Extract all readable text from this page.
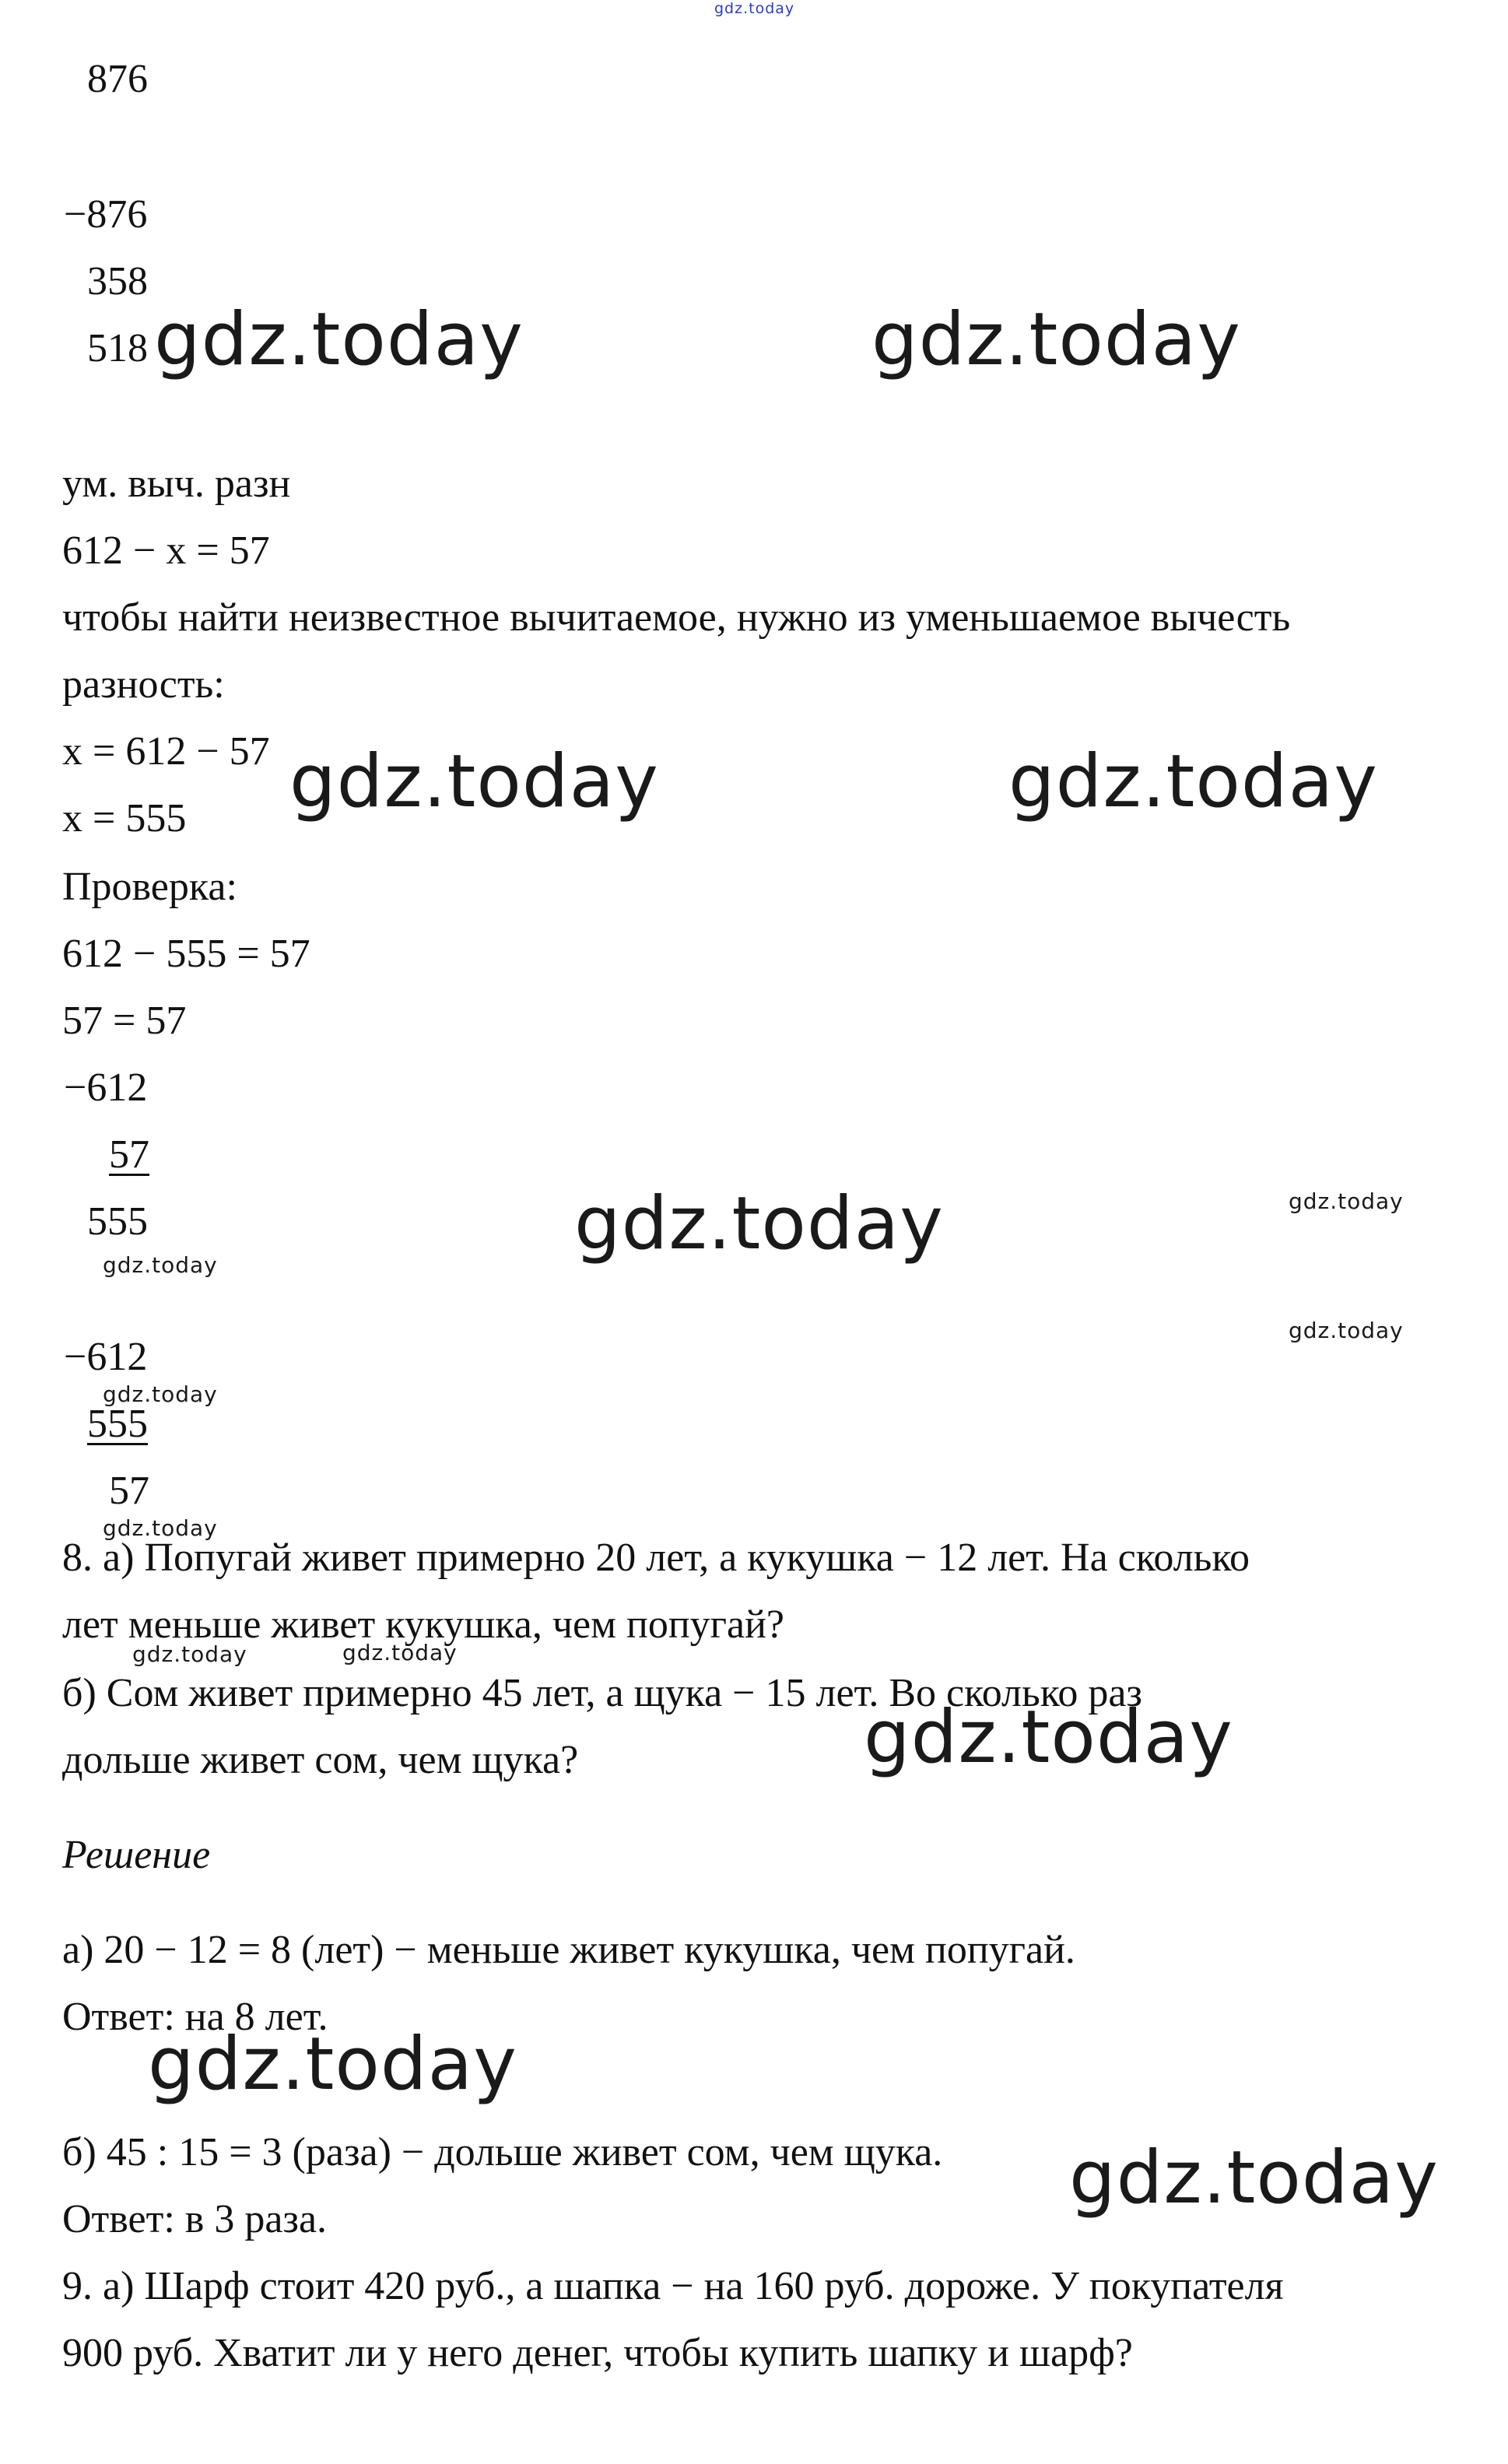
gdz.today
876
−876
358
518 gdz.today	gdz.today
ум. выч. разн
612 − x = 57
чтобы найти неизвестное вычитаемое, нужно из уменьшаемое вычесть
разность:
x = 612 − 57
x = 555
Проверка:
612 − 555 = 57
57 = 57
gdz.today	gdz.today
−612
57
555	gdz.today	gdz.today
gdz.today
gdz.today
−612
gdz.today
555
57
gdz.today
8. а) Попугай живет примерно 20 лет, а кукушка − 12 лет. На сколько
лет меньше живет кукушка, чем попугай?
gdz.today	gdz.today
б) Сом живет примерно 45 лет, а щука − 15 лет. Во сколько раз
дольше живет сом, чем щука?	gdz.today
Решение
а) 20 − 12 = 8 (лет) − меньше живет кукушка, чем попугай.
Ответ: на 8 лет.
gdz.today
б) 45 : 15 = 3 (раза) − дольше живет сом, чем щука. gdz.today
Ответ: в 3 раза.
9. а) Шарф стоит 420 руб., а шапка − на 160 руб. дороже. У покупателя
900 руб. Хватит ли у него денег, чтобы купить шапку и шарф?
